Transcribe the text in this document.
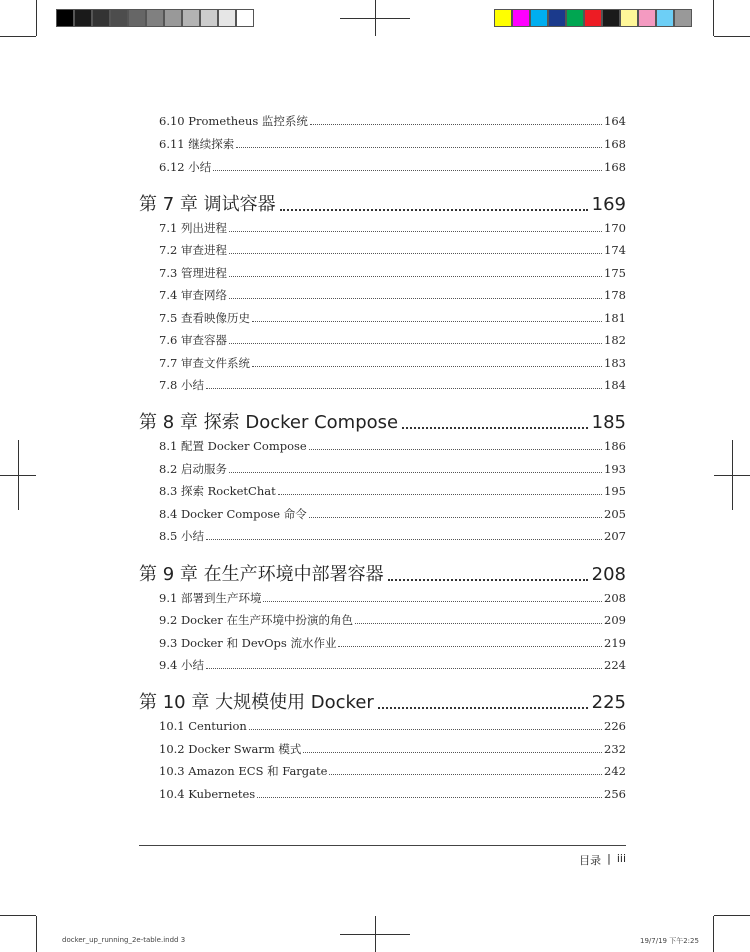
6.10 Prometheus 监控系统	164
6.11 继续探索	168
6.12 小结	168
第 7 章 调试容器	169
7.1 列出进程	170
7.2 审查进程	174
7.3 管理进程	175
7.4 审查网络	178
7.5 查看映像历史	181
7.6 审查容器	182
7.7 审查文件系统	183
7.8 小结	184
第 8 章 探索 Docker Compose	185
8.1 配置 Docker Compose	186
8.2 启动服务	193
8.3 探索 RocketChat	195
8.4 Docker Compose 命令	205
8.5 小结	207
第 9 章 在生产环境中部署容器	208
9.1 部署到生产环境	208
9.2 Docker 在生产环境中扮演的角色	209
9.3 Docker 和 DevOps 流水作业	219
9.4 小结	224
第 10 章 大规模使用 Docker	225
10.1 Centurion	226
10.2 Docker Swarm 模式	232
10.3 Amazon ECS 和 Fargate	242
10.4 Kubernetes	256
目录 | iii
docker_up_running_2e-table.indd 3	19/7/19 下午2:25
